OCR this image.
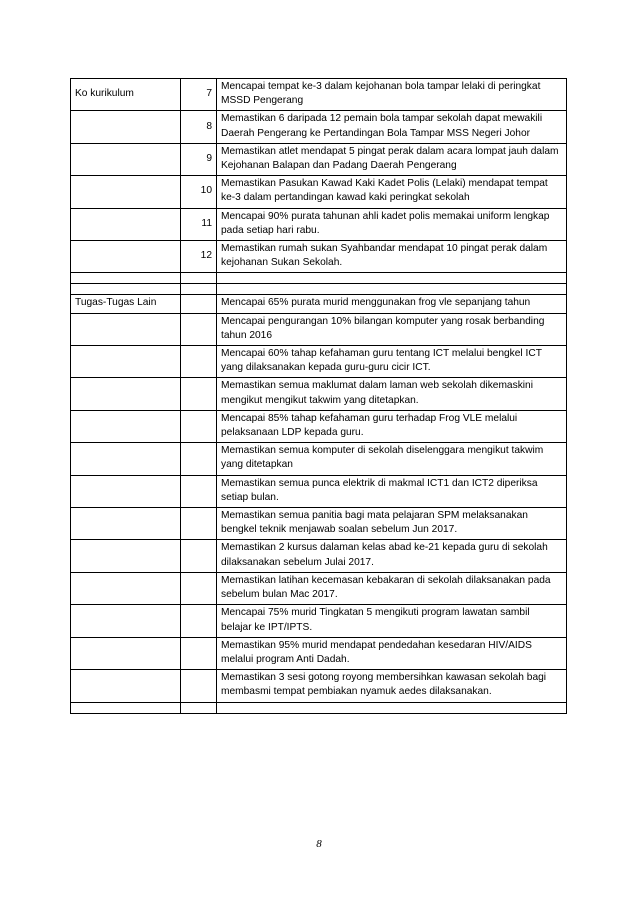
Ko kurikulum	7	Mencapai tempat ke-3 dalam kejohanan bola tampar lelaki di peringkat MSSD Pengerang
	8	Memastikan 6 daripada 12 pemain bola tampar sekolah dapat mewakili Daerah Pengerang ke Pertandingan Bola Tampar MSS Negeri Johor
	9	Memastikan atlet mendapat 5 pingat perak dalam acara lompat jauh dalam Kejohanan Balapan dan Padang Daerah Pengerang
	10	Memastikan Pasukan Kawad Kaki Kadet Polis (Lelaki) mendapat tempat ke-3 dalam pertandingan kawad kaki peringkat sekolah
	11	Mencapai 90% purata tahunan ahli kadet polis memakai uniform lengkap pada setiap hari rabu.
	12	Memastikan rumah sukan Syahbandar mendapat 10 pingat perak dalam kejohanan Sukan Sekolah.

Tugas-Tugas Lain		Mencapai 65% purata murid menggunakan frog vle sepanjang tahun
		Mencapai pengurangan 10% bilangan komputer yang rosak berbanding tahun 2016
		Mencapai 60% tahap kefahaman guru tentang ICT melalui bengkel ICT yang dilaksanakan kepada guru-guru cicir ICT.
		Memastikan semua maklumat dalam laman web sekolah dikemaskini mengikut mengikut takwim yang ditetapkan.
		Mencapai 85% tahap kefahaman guru terhadap Frog VLE melalui pelaksanaan LDP kepada guru.
		Memastikan semua komputer di sekolah diselenggara mengikut takwim yang ditetapkan
		Memastikan semua punca elektrik di makmal ICT1 dan ICT2 diperiksa setiap bulan.
		Memastikan semua panitia bagi mata pelajaran SPM melaksanakan bengkel teknik menjawab soalan sebelum Jun 2017.
		Memastikan 2 kursus dalaman kelas abad ke-21 kepada guru di sekolah dilaksanakan sebelum Julai 2017.
		Memastikan latihan kecemasan kebakaran di sekolah dilaksanakan pada sebelum bulan Mac 2017.
		Mencapai 75% murid Tingkatan 5 mengikuti program lawatan sambil belajar ke IPT/IPTS.
		Memastikan 95% murid mendapat pendedahan kesedaran HIV/AIDS melalui program Anti Dadah.
		Memastikan 3 sesi gotong royong membersihkan kawasan sekolah bagi membasmi tempat pembiakan nyamuk aedes dilaksanakan.

8
